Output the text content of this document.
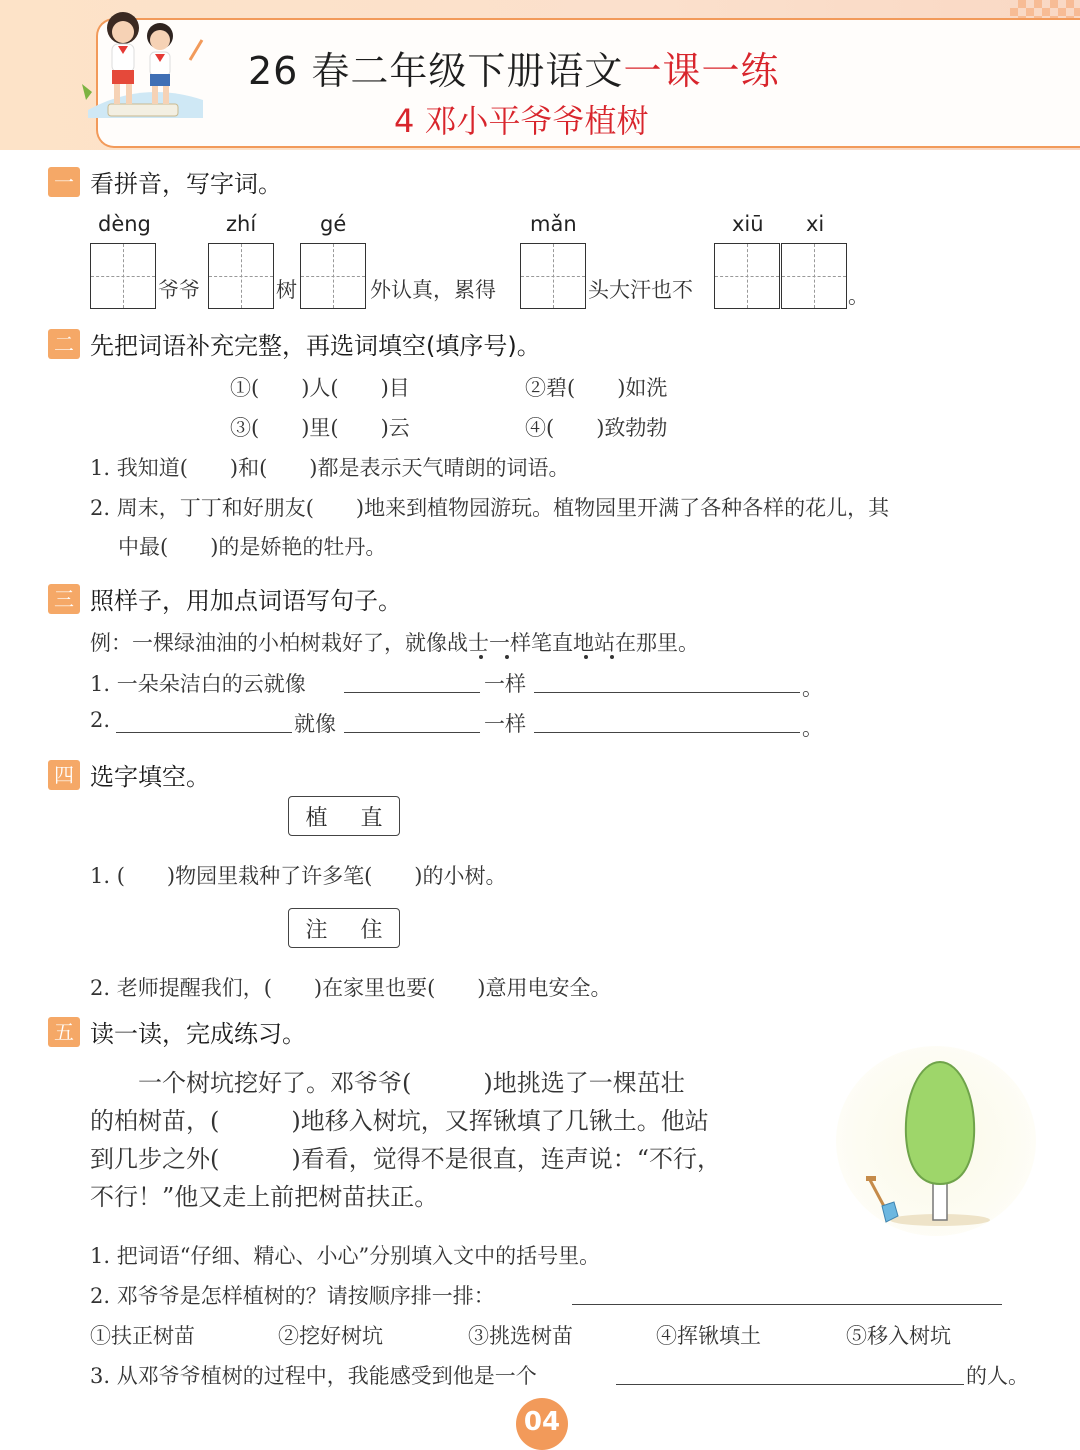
26 春二年级下册语文一课一练
4 邓小平爷爷植树
一 看拼音，写字词。
dèng	zhí	gé	mǎn	xiū xi
爷爷	树	外认真，累得	头大汗也不	。
二 先把词语补充完整，再选词填空(填序号)。
①(　　)人(　　)目	②碧(　　)如洗
③(　　)里(　　)云	④(　　)致勃勃
1. 我知道(　　)和(　　)都是表示天气晴朗的词语。
2. 周末，丁丁和好朋友(　　)地来到植物园游玩。植物园里开满了各种各样的花儿，其
中最(　　)的是娇艳的牡丹。
三 照样子，用加点词语写句子。
例：一棵绿油油的小柏树栽好了，就像战士一样笔直地站在那里。
1. 一朵朵洁白的云就像	一样	。
2.	就像	一样	。
四 选字填空。
植 直
1. (　　)物园里栽种了许多笔(　　)的小树。
注 住
2. 老师提醒我们，(　　)在家里也要(　　)意用电安全。
五 读一读，完成练习。

　　一个树坑挖好了。邓爷爷(　　　)地挑选了一棵茁壮

的柏树苗，(　　　)地移入树坑，又挥锹填了几锹土。他站

到几步之外(　　　)看看，觉得不是很直，连声说：“不行，

不行！”他又走上前把树苗扶正。

1. 把词语“仔细、精心、小心”分别填入文中的括号里。
2. 邓爷爷是怎样植树的？请按顺序排一排：
①扶正树苗	②挖好树坑	③挑选树苗	④挥锹填土	⑤移入树坑
3. 从邓爷爷植树的过程中，我能感受到他是一个	的人。
04
